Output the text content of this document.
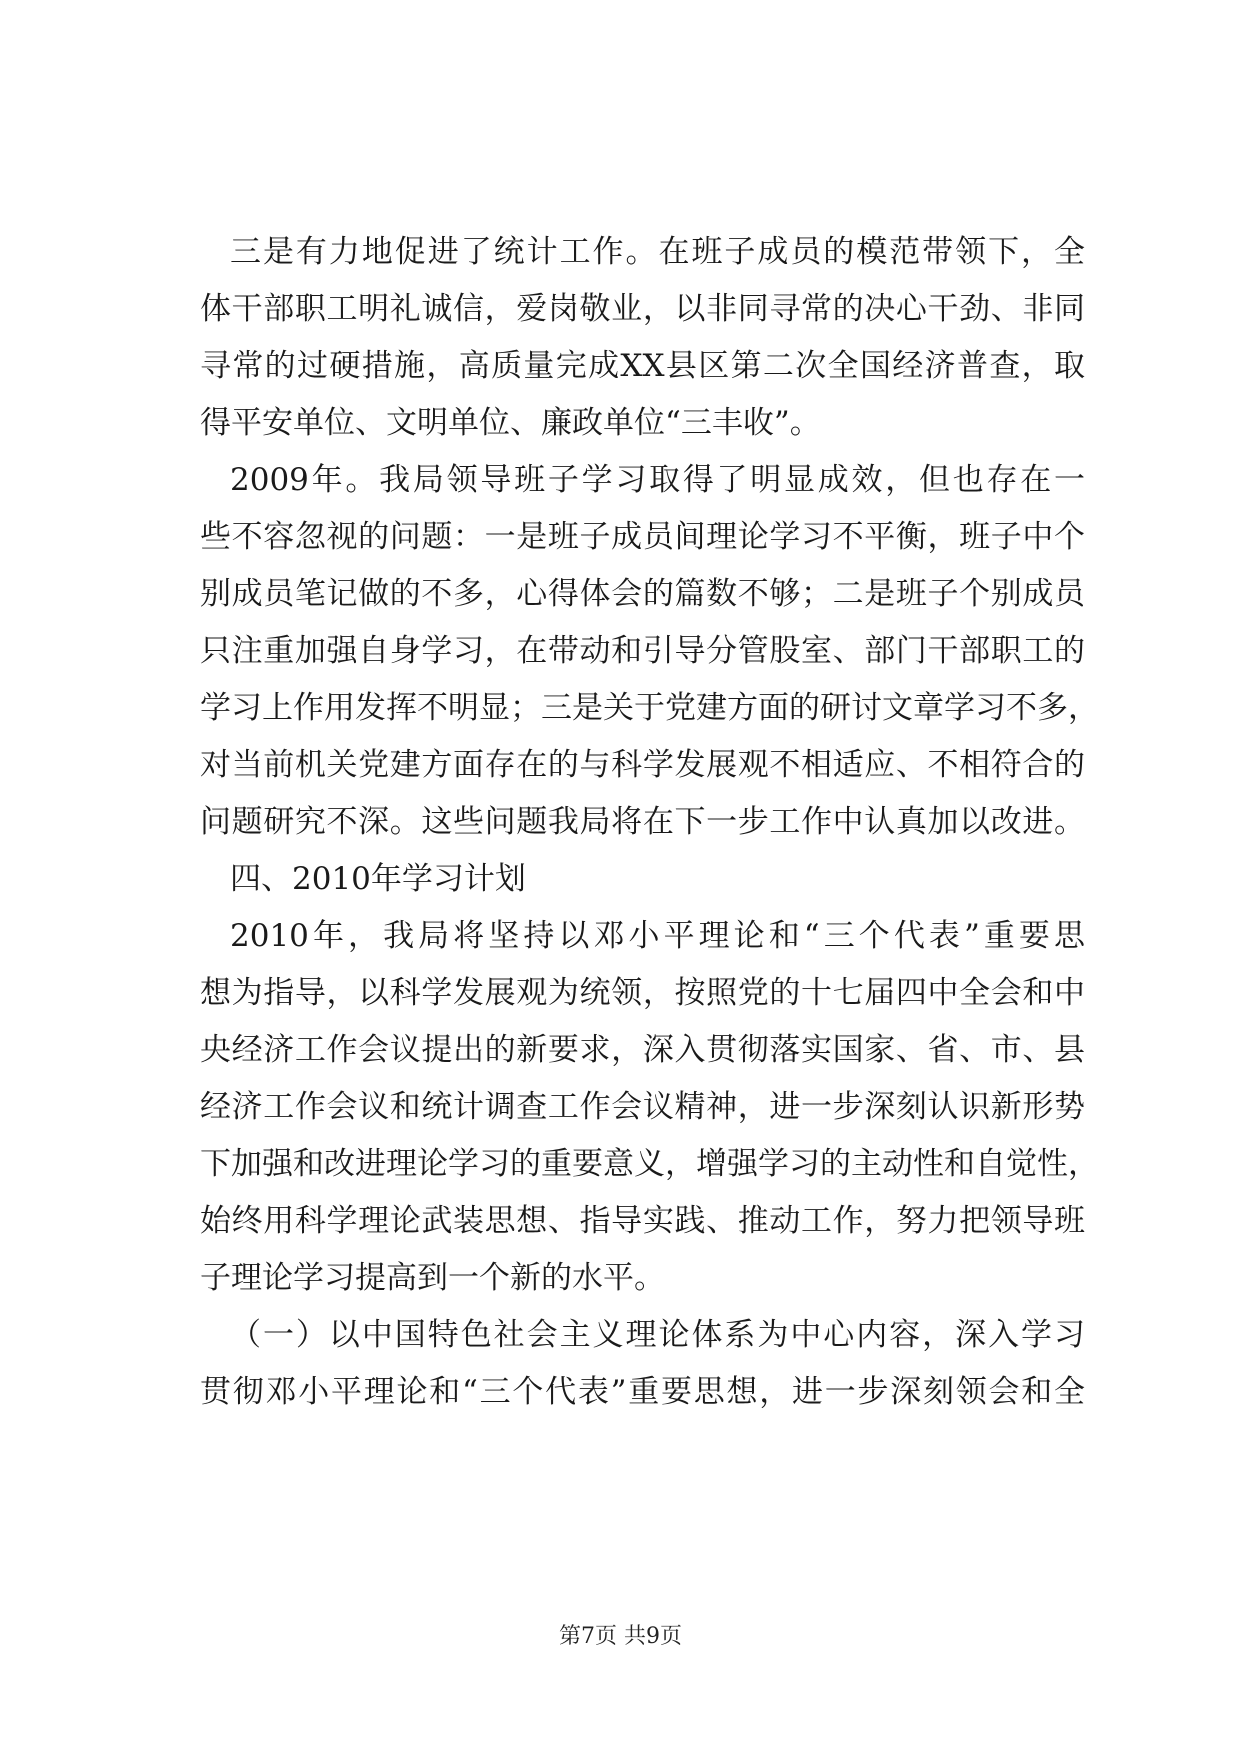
三是有力地促进了统计工作。在班子成员的模范带领下，全
体干部职工明礼诚信，爱岗敬业，以非同寻常的决心干劲、非同
寻常的过硬措施，高质量完成XX县区第二次全国经济普查，取
得平安单位、文明单位、廉政单位“三丰收”。
2009年。我局领导班子学习取得了明显成效，但也存在一
些不容忽视的问题：一是班子成员间理论学习不平衡，班子中个
别成员笔记做的不多，心得体会的篇数不够；二是班子个别成员
只注重加强自身学习，在带动和引导分管股室、部门干部职工的
学习上作用发挥不明显；三是关于党建方面的研讨文章学习不多，
对当前机关党建方面存在的与科学发展观不相适应、不相符合的
问题研究不深。这些问题我局将在下一步工作中认真加以改进。
四、2010年学习计划
2010年，我局将坚持以邓小平理论和“三个代表”重要思
想为指导，以科学发展观为统领，按照党的十七届四中全会和中
央经济工作会议提出的新要求，深入贯彻落实国家、省、市、县
经济工作会议和统计调查工作会议精神，进一步深刻认识新形势
下加强和改进理论学习的重要意义，增强学习的主动性和自觉性，
始终用科学理论武装思想、指导实践、推动工作，努力把领导班
子理论学习提高到一个新的水平。
（一）以中国特色社会主义理论体系为中心内容，深入学习
贯彻邓小平理论和“三个代表”重要思想，进一步深刻领会和全
第7页 共9页
